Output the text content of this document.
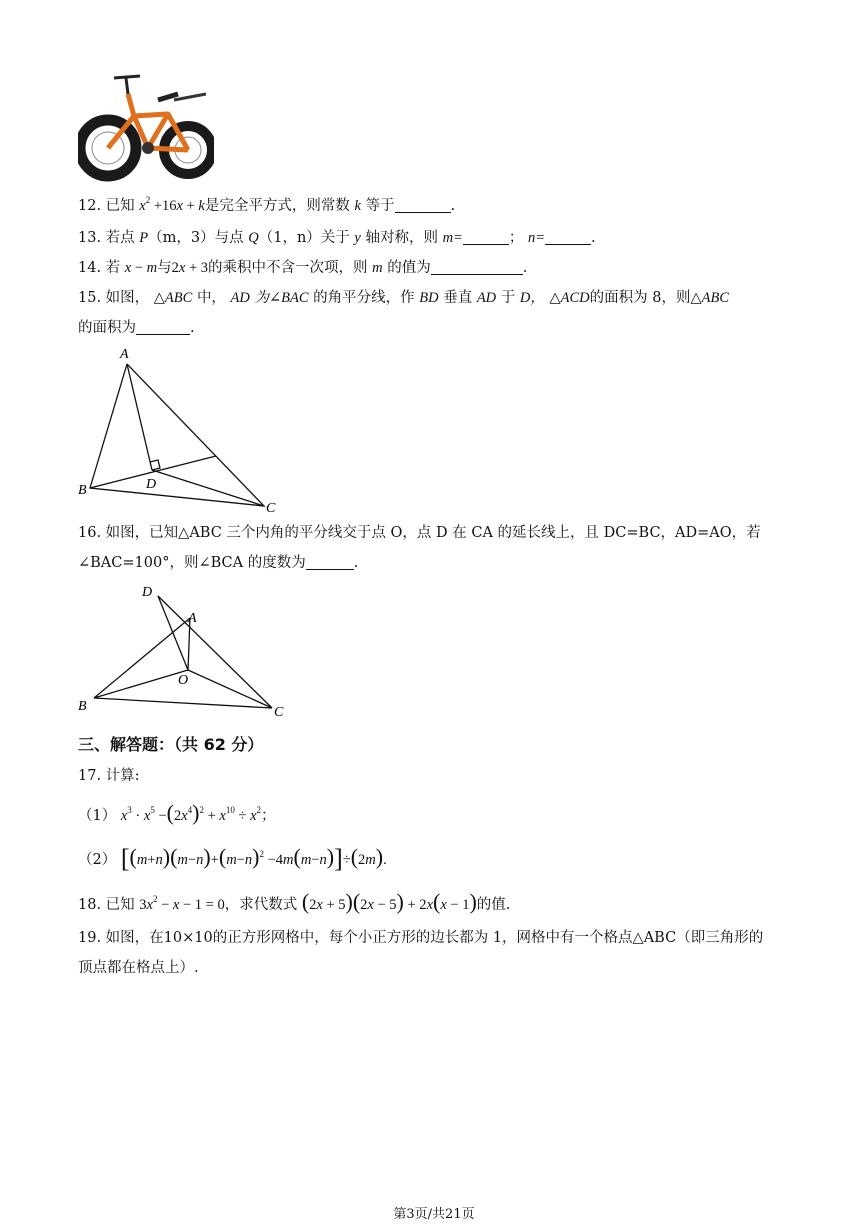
12. 已知 $x^2 +16x + k$是完全平方式，则常数 k 等于	.
13. 若点 P（m，3）与点 Q（1，n）关于 y 轴对称，则 m=	； n=	.
14. 若 x − m与2x + 3的乘积中不含一次项，则 m 的值为	.
15. 如图， △ABC 中， AD 为∠BAC 的角平分线，作 BD 垂直 AD 于 D， △ACD的面积为 8，则△ABC
的面积为	.
A
B
C
D
16. 如图，已知△ABC 三个内角的平分线交于点 O，点 D 在 CA 的延长线上，且 DC=BC，AD=AO，若
∠BAC=100°，则∠BCA 的度数为	.
D
A
B	C
O
三、解答题：（共 62 分）
17. 计算:
（1） $x^3 \cdot x^5 -(2x^4)^2 + x^{10} \div x^2$；
（2） $[(m+n)(m-n)+(m-n)^2 -4m(m-n)]\div(2m)$.
18. 已知 $3x^2 - x - 1 = 0$，求代数式 (2x + 5)(2x − 5) + 2x(x − 1)的值.
19. 如图，在10×10的正方形网格中，每个小正方形的边长都为 1，网格中有一个格点△ABC（即三角形的
顶点都在格点上）.
第3页/共21页
